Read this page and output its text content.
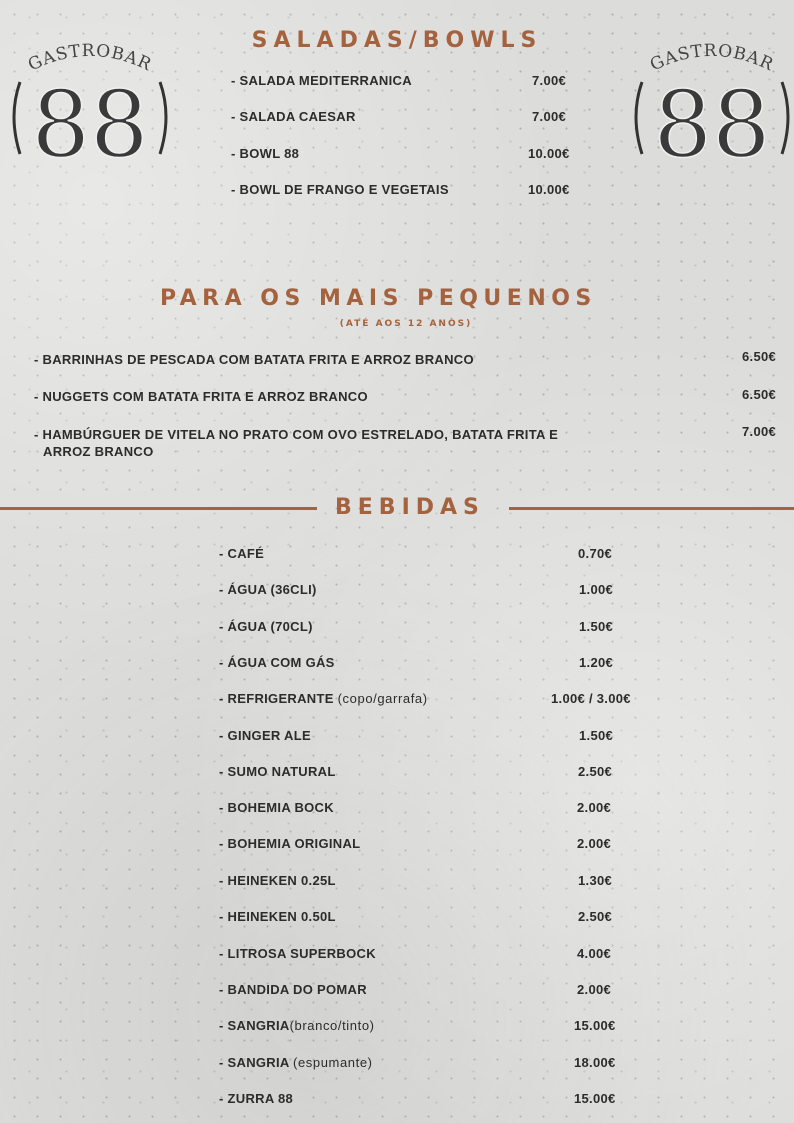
GASTROBAR
88
GASTROBAR
88
SALADAS/BOWLS
- SALADA MEDITERRANICA	7.00€
- SALADA CAESAR	7.00€
- BOWL 88	10.00€
- BOWL DE FRANGO E VEGETAIS	10.00€
PARA OS MAIS PEQUENOS
(ATÉ AOS 12 ANOS)
- BARRINHAS DE PESCADA COM BATATA FRITA E ARROZ BRANCO	6.50€
- NUGGETS COM BATATA FRITA E ARROZ BRANCO	6.50€
- HAMBÚRGUER DE VITELA NO PRATO COM OVO ESTRELADO, BATATA FRITA E
ARROZ BRANCO
7.00€
BEBIDAS
- CAFÉ	0.70€
- ÁGUA (36CLI)	1.00€
- ÁGUA (70CL)	1.50€
- ÁGUA COM GÁS	1.20€
- REFRIGERANTE (copo/garrafa)	1.00€ / 3.00€
- GINGER ALE	1.50€
- SUMO NATURAL	2.50€
- BOHEMIA BOCK	2.00€
- BOHEMIA ORIGINAL	2.00€
- HEINEKEN 0.25L	1.30€
- HEINEKEN 0.50L	2.50€
- LITROSA SUPERBOCK	4.00€
- BANDIDA DO POMAR	2.00€
- SANGRIA(branco/tinto)	15.00€
- SANGRIA (espumante)	18.00€
- ZURRA 88	15.00€
